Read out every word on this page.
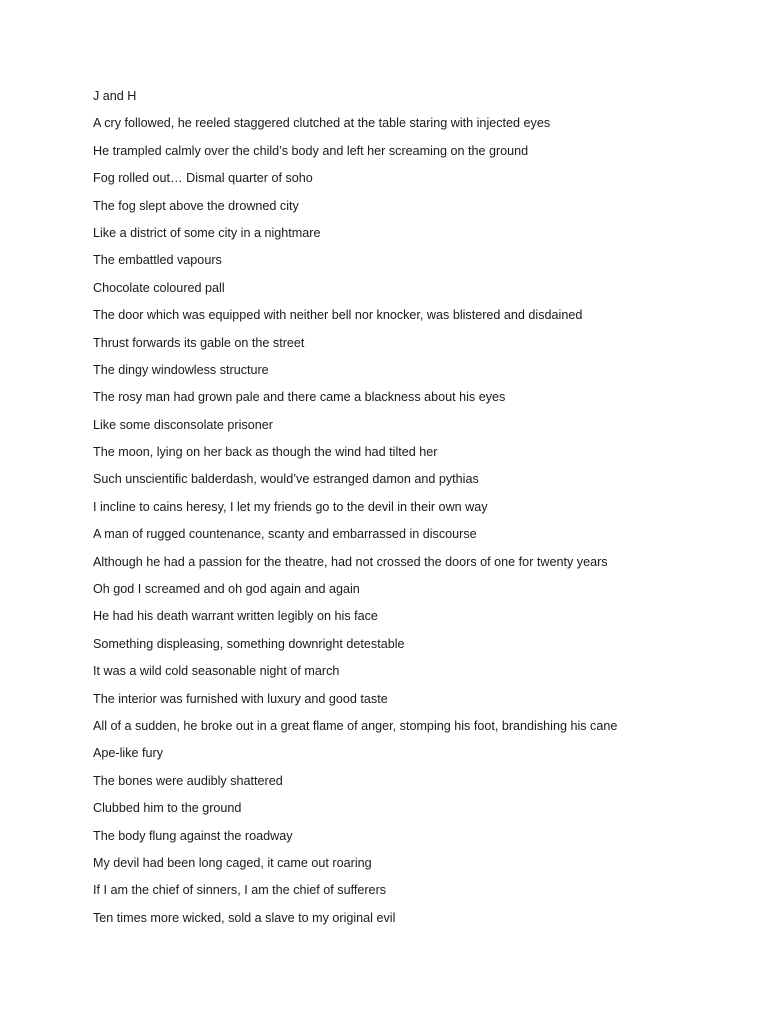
J and H
A cry followed, he reeled staggered clutched at the table staring with injected eyes
He trampled calmly over the child’s body and left her screaming on the ground
Fog rolled out… Dismal quarter of soho
The fog slept above the drowned city
Like a district of some city in a nightmare
The embattled vapours
Chocolate coloured pall
The door which was equipped with neither bell nor knocker, was blistered and disdained
Thrust forwards its gable on the street
The dingy windowless structure
The rosy man had grown pale and there came a blackness about his eyes
Like some disconsolate prisoner
The moon, lying on her back as though the wind had tilted her
Such unscientific balderdash, would’ve estranged damon and pythias
I incline to cains heresy, I let my friends go to the devil in their own way
A man of rugged countenance, scanty and embarrassed in discourse
Although he had a passion for the theatre, had not crossed the doors of one for twenty years
Oh god I screamed and oh god again and again
He had his death warrant written legibly on his face
Something displeasing, something downright detestable
It was a wild cold seasonable night of march
The interior was furnished with luxury and good taste
All of a sudden, he broke out in a great flame of anger, stomping his foot, brandishing his cane
Ape-like fury
The bones were audibly shattered
Clubbed him to the ground
The body flung against the roadway
My devil had been long caged, it came out roaring
If I am the chief of sinners, I am the chief of sufferers
Ten times more wicked, sold a slave to my original evil
